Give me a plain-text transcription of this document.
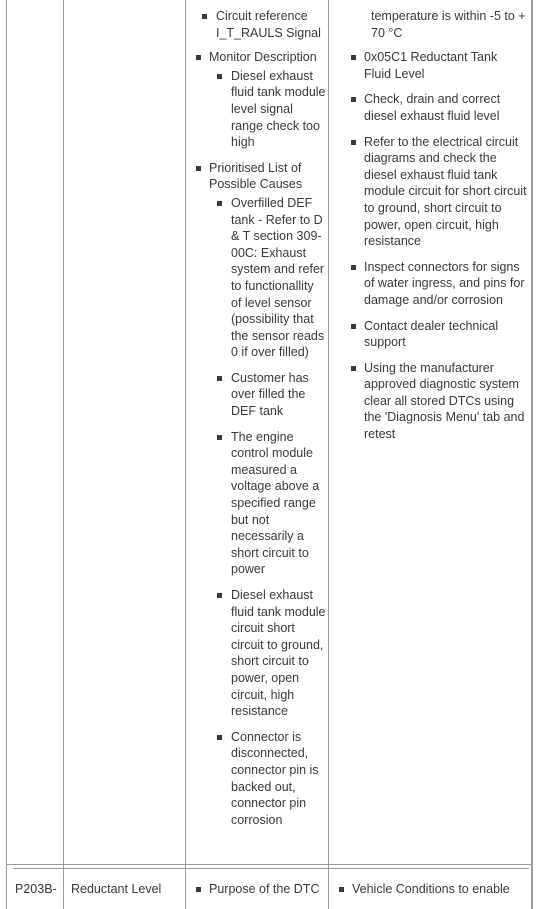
Circuit reference I_T_RAULS Signal
Monitor Description
Diesel exhaust fluid tank module level signal range check too high
Prioritised List of Possible Causes
Overfilled DEF tank - Refer to D & T section 309-00C: Exhaust system and refer to functionallity of level sensor (possibility that the sensor reads 0 if over filled)
Customer has over filled the DEF tank
The engine control module measured a voltage above a specified range but not necessarily a short circuit to power
Diesel exhaust fluid tank module circuit short circuit to ground, short circuit to power, open circuit, high resistance
Connector is disconnected, connector pin is backed out, connector pin corrosion
temperature is within -5 to + 70 °C
0x05C1 Reductant Tank Fluid Level
Check, drain and correct diesel exhaust fluid level
Refer to the electrical circuit diagrams and check the diesel exhaust fluid tank module circuit for short circuit to ground, short circuit to power, open circuit, high resistance
Inspect connectors for signs of water ingress, and pins for damage and/or corrosion
Contact dealer technical support
Using the manufacturer approved diagnostic system clear all stored DTCs using the 'Diagnosis Menu' tab and retest
P203B- Reductant Level	Purpose of the DTC	Vehicle Conditions to enable
